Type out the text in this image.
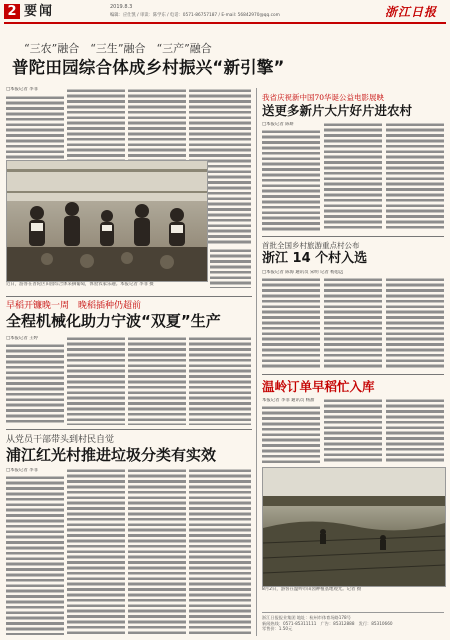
2 要闻	2019.8.3
编辑：应仕凯 / 审读：陈学东 / 电话：0571-86757187 / E-mail: 56842970@qq.com	浙江日报
“三农”融合　“三生”融合　“三产”融合
普陀田园综合体成乡村振兴“新引擎”
□本报记者 李菲
近日，游客在普陀区田园综合体采摘葡萄，体验农家乐趣。本报记者 李菲 摄
早稻开镰晚一周　晚稻插种仍超前
全程机械化助力宁波“双夏”生产
□本报记者 王婷
从党员干部带头到村民自觉
浦江红光村推进垃圾分类有实效
□本报记者 李菲
我省庆祝新中国70华诞公益电影展映
送更多新片大片好片进农村
□本报记者 陈妍
首批全国乡村旅游重点村公布
浙江 14 个村入选
□本报记者 陈海 通讯员 宋明 记者 杨思远
温岭订单早稻忙入库
本报记者 李菲 通讯员 杨甜
8月2日，游客在温岭市田园种植基地观光。记者 摄
浙江日报报业集团 地址：杭州市体育场路178号
新闻热线：0571-85311111　广告：85312888　发行：85310660
零售价：1.50元
